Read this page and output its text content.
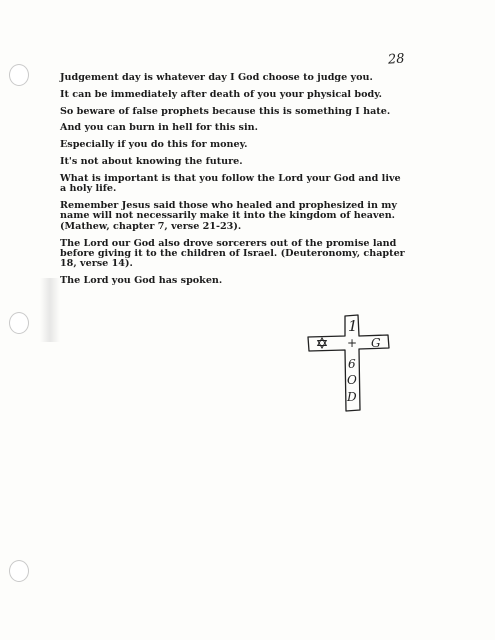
28

Judgement day is whatever day I God choose to judge you.

It can be immediately after death of you your physical body.

So beware of false prophets because this is something I hate.

And you can burn in hell for this sin.

Especially if you do this for money.

It's not about knowing the future.

What is important is that you follow the Lord your God and live a holy life.

Remember Jesus said those who healed and prophesized in my name will not necessarily make it into the kingdom of heaven. (Mathew, chapter 7, verse 21-23).

The Lord our God also drove sorcerers out of the promise land before giving it to the children of Israel. (Deuteronomy, chapter 18, verse 14).

The Lord you God has spoken.

1
+ G
6
O
D
